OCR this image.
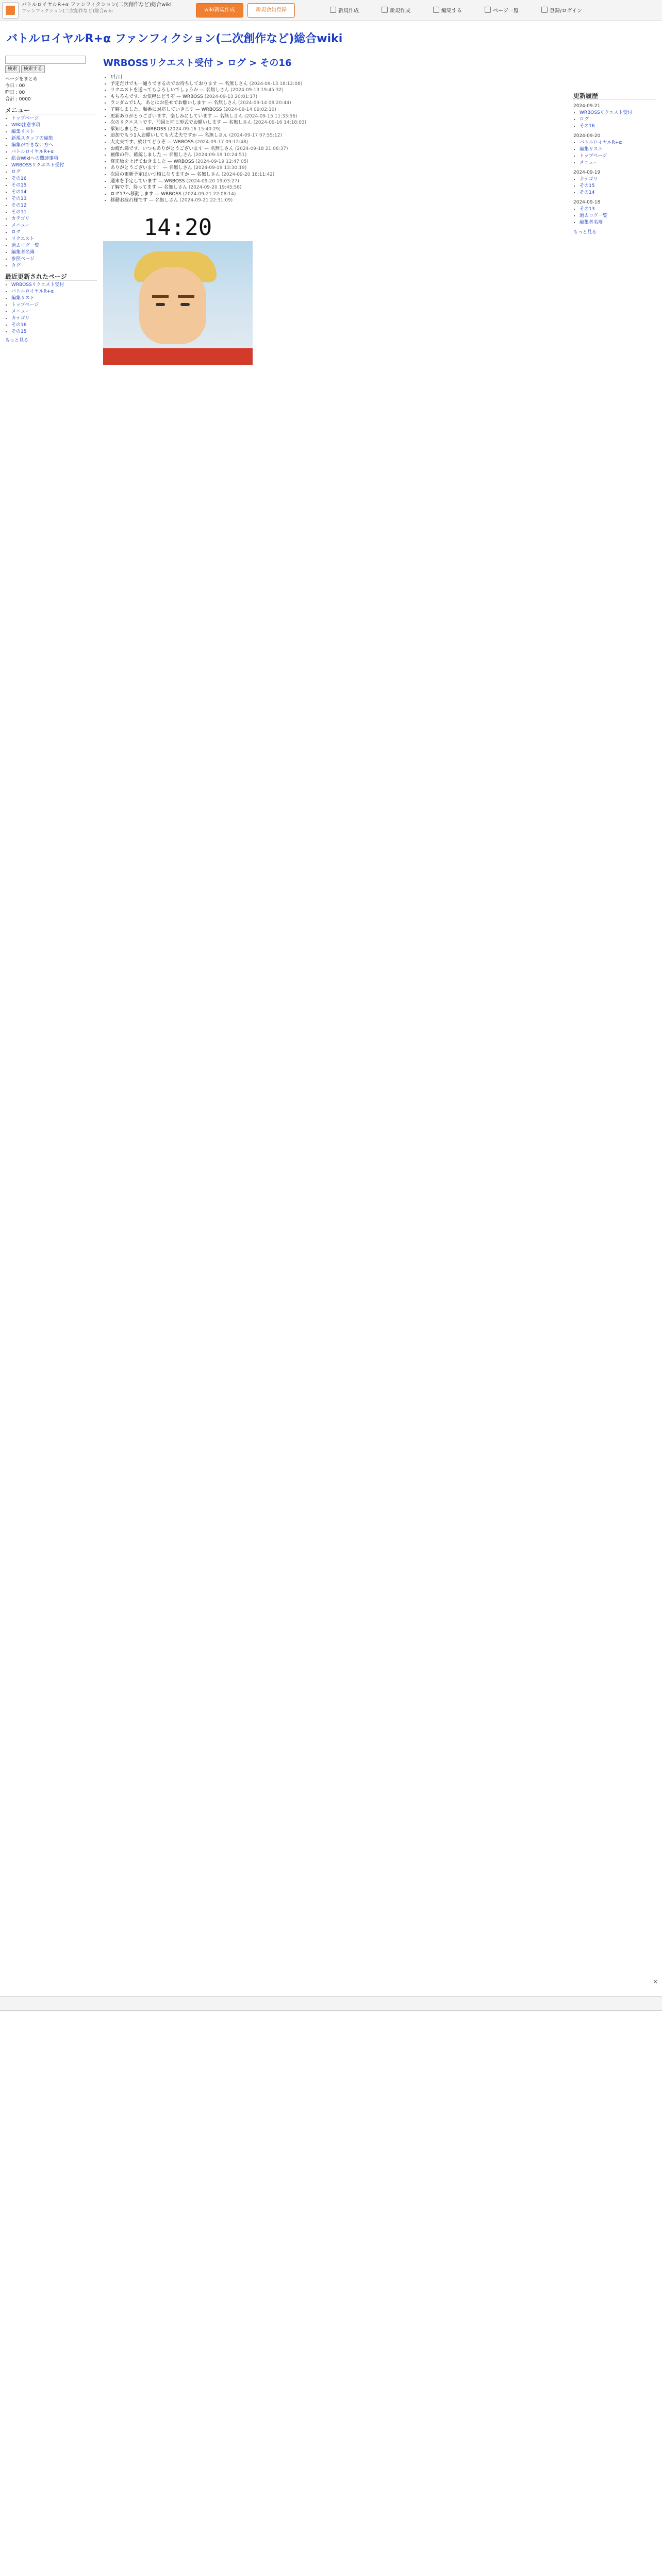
バトルロイヤルR+α ファンフィクション(二次創作など)総合wiki
ファンフィクション(二次創作など)総合wiki	wiki新規作成	新規会員登録	新規作成	新規作成	編集する	ページ一覧	登録/ログイン
バトルロイヤルR+α ファンフィクション(二次創作など)総合wiki
検索 検索する
ページをまとめ
今日 : 00
昨日 : 00
合計 : 0000
メニュー
• トップページ
• WIKI注意事項
• 編集リスト
• 新規スタッフの編集
• 編集ができない方へ
• バトルロイヤルR+α
• 総合Wikiへの関連事項
• WRBOSSリクエスト受付
• ログ
• その16
• その15
• その14
• その13
• その12
• その11
• カテゴリ
• メニュー
• ログ
• リクエスト
• 過去ログ一覧
• 編集者名簿
• 参照ページ
• タグ
最近更新されたページ
• WRBOSSリクエスト受付
• バトルロイヤルR+α
• 編集リスト
• トップページ
• メニュー
• カテゴリ
• その16
• その15
もっと見る
WRBOSSリクエスト受付 > ログ > その16
• 1行目
• 予定だけでも一通りできるのでお待ちしております — 名無しさん (2024-09-13 18:12:08)
• リクエストを送ってもよろしいでしょうか — 名無しさん (2024-09-13 19:45:32)
• もちろんです、お気軽にどうぞ — WRBOSS (2024-09-13 20:01:17)
• ランダムで1人、あとはお任せでお願いします — 名無しさん (2024-09-14 08:20:44)
• 了解しました、順番に対応していきます — WRBOSS (2024-09-14 09:02:10)
• 更新ありがとうございます、楽しみにしています — 名無しさん (2024-09-15 11:33:56)
• 次のリクエストです、前回と同じ形式でお願いします — 名無しさん (2024-09-16 14:18:03)
• 承知しました — WRBOSS (2024-09-16 15:40:29)
• 追加でもう1人お願いしても大丈夫ですか — 名無しさん (2024-09-17 07:55:12)
• 大丈夫です、続けてどうぞ — WRBOSS (2024-09-17 09:12:48)
• お疲れ様です、いつもありがとうございます — 名無しさん (2024-09-18 21:06:37)
• 画像の件、確認しました — 名無しさん (2024-09-19 10:24:51)
• 修正版を上げておきました — WRBOSS (2024-09-19 12:47:05)
• ありがとうございます！ — 名無しさん (2024-09-19 13:30:19)
• 次回の更新予定はいつ頃になりますか — 名無しさん (2024-09-20 18:11:42)
• 週末を予定しています — WRBOSS (2024-09-20 19:03:27)
• 了解です、待ってます — 名無しさん (2024-09-20 19:45:58)
• ログ17へ移動します — WRBOSS (2024-09-21 22:08:14)
• 移動お疲れ様です — 名無しさん (2024-09-21 22:31:09)
14:20
更新履歴
2024-09-21
• WRBOSSリクエスト受付
• ログ
• その16
2024-09-20
• バトルロイヤルR+α
• 編集リスト
• トップページ
• メニュー
2024-09-19
• カテゴリ
• その15
• その14
2024-09-18
• その13
• 過去ログ一覧
• 編集者名簿
もっと見る
×
